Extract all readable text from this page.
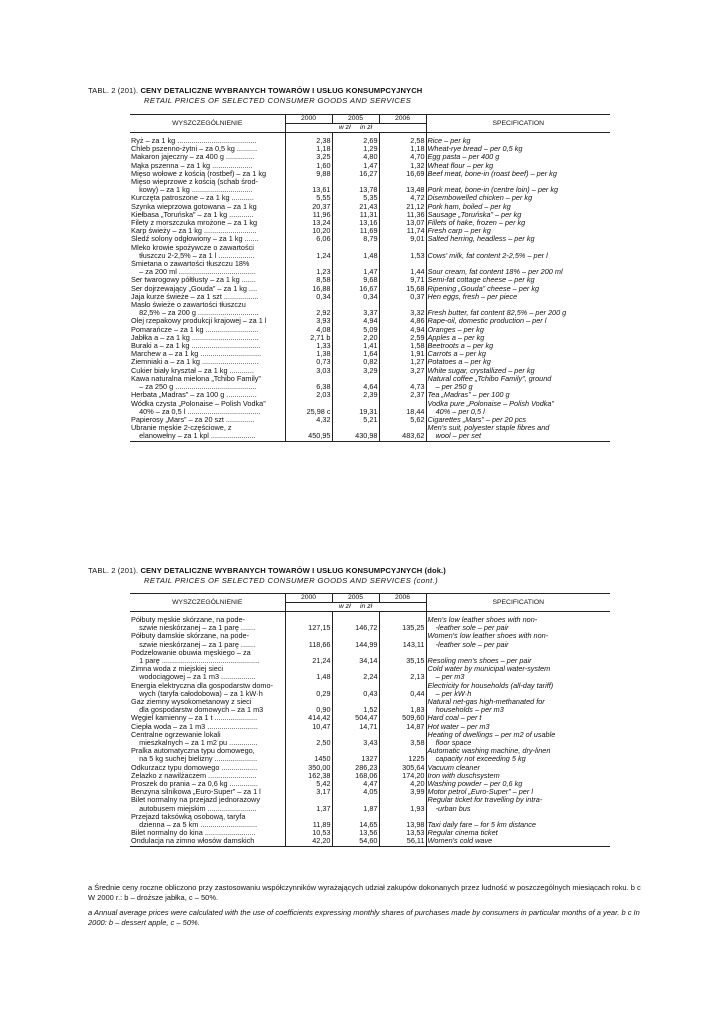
TABL. 2 (201). CENY DETALICZNE WYBRANYCH TOWARÓW I USŁUG KONSUMPCYJNYCH
RETAIL PRICES OF SELECTED CONSUMER GOODS AND SERVICES
WYSZCZEGÓLNIENIE	2000	2005	2006	SPECIFICATION
	w zł     in zł			

Ryż – za 1 kg .......................................	2,38	2,69	2,58	Rice – per kg
Chleb pszenno-żytni – za 0,5 kg ..........	1,18	1,29	1,18	Wheat-rye bread – per 0,5 kg
Makaron jajeczny – za 400 g ..............	3,25	4,80	4,70	Egg pasta – per 400 g
Mąka pszenna – za 1 kg ....................	1,60	1,47	1,32	Wheat flour – per kg
Mięso wołowe z kością (rostbef) – za 1 kg	9,88	16,27	16,69	Beef meat, bone-in (roast beef) – per kg
Mięso wieprzowe z kością (schab środ-				
kowy) – za 1 kg ..............................	13,61	13,78	13,48	Pork meat, bone-in (centre loin) – per kg
Kurczęta patroszone – za 1 kg ...........	5,55	5,35	4,72	Disembowelled chicken – per kg
Szynka wieprzowa gotowana – za 1 kg	20,37	21,43	21,12	Pork ham, boiled – per kg
Kiełbasa „Toruńska” – za 1 kg ............	11,96	11,31	11,36	Sausage „Toruńska” – per kg
Filety z morszczuka mrożone – za 1 kg	13,24	13,16	13,07	Fillets of hake, frozen – per kg
Karp świeży – za 1 kg ..........................	10,20	11,69	11,74	Fresh carp – per kg
Śledź solony odgłowiony – za 1 kg .......	6,06	8,79	9,01	Salted herring, headless – per kg
Mleko krowie spożywcze o zawartości				
tłuszczu 2-2,5% – za 1 l ..................	1,24	1,48	1,53	Cows' milk, fat content 2-2,5% – per l
Śmietana o zawartości tłuszczu 18%				
– za 200 ml ......................................	1,23	1,47	1,44	Sour cream, fat content 18% – per 200 ml
Ser twarogowy półtłusty – za 1 kg .......	8,58	9,68	9,71	Semi-fat cottage cheese – per kg
Ser dojrzewający „Gouda” – za 1 kg ....	16,88	16,67	15,68	Ripening „Gouda” cheese – per kg
Jaja kurze świeże – za 1 szt .................	0,34	0,34	0,37	Hen eggs, fresh – per piece
Masło świeże o zawartości tłuszczu				
82,5% – za 200 g ..............................	2,92	3,37	3,32	Fresh butter, fat content 82,5% – per 200 g
Olej rzepakowy produkcji krajowej – za 1 l	3,93	4,94	4,86	Rape-oil, domestic production – per l
Pomarańcze – za 1 kg ..........................	4,08	5,09	4,94	Oranges – per kg
Jabłka a – za 1 kg .................................	2,71 b	2,20	2,59	Apples a – per kg
Buraki a – za 1 kg ..................................	1,33	1,41	1,58	Beetroots a – per kg
Marchew a – za 1 kg ..............................	1,38	1,64	1,91	Carrots a – per kg
Ziemniaki a – za 1 kg ............................	0,73	0,82	1,27	Potatoes a – per kg
Cukier biały kryształ – za 1 kg ............	3,03	3,29	3,27	White sugar, crystallized – per kg
Kawa naturalna mielona „Tchibo Family”				Natural coffee „Tchibo Family”, ground
– za 250 g ........................................	6,38	4,64	4,73	– per 250 g
Herbata „Madras” – za 100 g ...............	2,03	2,39	2,37	Tea „Madras” – per 100 g
Wódka czysta „Polonaise – Polish Vodka”				Vodka pure „Polonaise – Polish Vodka”
40% – za 0,5 l ....................................	25,98 c	19,31	18,44	40% – per 0,5 l
Papierosy „Mars” – za 20 szt ..............	4,32	5,21	5,62	Cigarettes „Mars” – per 20 pcs
Ubranie męskie 2-częściowe, z				Men's suit, polyester staple fibres and
elanowełny – za 1 kpl ......................	450,95	430,98	483,62	wool – per set
a Średnie ceny roczne obliczono przy zastosowaniu współczynników wyrażających udział zakupów dokonanych przez ludność w poszczególnych miesiącach roku. b c W 2000 r.: b – droższe jabłka, c – 50%.
a Annual average prices were calculated with the use of coefficients expressing monthly shares of purchases made by consumers in particular months of a year. b c In 2000: b – dessert apple, c – 50%.
TABL. 2 (201). CENY DETALICZNE WYBRANYCH TOWARÓW I USŁUG KONSUMPCYJNYCH (dok.)
RETAIL PRICES OF SELECTED CONSUMER GOODS AND SERVICES (cont.)
WYSZCZEGÓLNIENIE	2000	2005	2006	SPECIFICATION
	w zł     in zł			

Półbuty męskie skórzane, na pode-				Men's low leather shoes with non-
szwie nieskórzanej – za 1 parę .......	127,15	146,72	135,25	-leather sole – per pair
Półbuty damskie skórzane, na pode-				Women's low leather shoes with non-
szwie nieskórzanej – za 1 parę .......	118,66	144,99	143,11	-leather sole – per pair
Podzelowanie obuwia męskiego – za				
1 parę ................................................	21,24	34,14	35,15	Resoling men's shoes – per pair
Zimna woda z miejskiej sieci				Cold water by municipal water-system
wodociągowej – za 1 m3 .................	1,48	2,24	2,13	– per m3
Energia elektryczna dla gospodarstw domo-				Electricity for households (all-day tariff)
wych (taryfa całodobowa) – za 1 kW·h	0,29	0,43	0,44	– per kW·h
Gaz ziemny wysokometanowy z sieci				Natural net-gas high-methanated for
dla gospodarstw domowych – za 1 m3	0,90	1,52	1,83	households – per m3
Węgiel kamienny – za 1 t .....................	414,42	504,47	509,60	Hard coal – per t
Ciepła woda – za 1 m3 .........................	10,47	14,71	14,87	Hot water – per m3
Centralne ogrzewanie lokali				Heating of dwellings – per m2 of usable
mieszkalnych – za 1 m2 pu ..............	2,50	3,43	3,58	floor space
Pralka automatyczna typu domowego,				Automatic washing machine, dry-linen
na 5 kg suchej bielizny .....................	1450	1327	1225	capacity not exceeding 5 kg
Odkurzacz typu domowego ..................	350,00	286,23	305,64	Vacuum cleaner
Żelazko z nawilżaczem ........................	162,38	168,06	174,20	Iron with duschsystem
Proszek do prania – za 0,6 kg ..............	5,42	4,47	4,20	Washing powder – per 0,6 kg
Benzyna silnikowa „Euro-Super” – za 1 l	3,17	4,05	3,99	Motor petrol „Euro-Super” – per l
Bilet normalny na przejazd jednorazowy				Regular ticket for travelling by intra-
autobusem miejskim ........................	1,37	1,87	1,93	-urban bus
Przejazd taksówką osobową, taryfa				
dzienna – za 5 km ............................	11,89	14,65	13,98	Taxi daily fare – for 5 km distance
Bilet normalny do kina .........................	10,53	13,56	13,53	Regular cinema ticket
Ondulacja na zimno włosów damskich	42,20	54,60	56,11	Women's cold wave
